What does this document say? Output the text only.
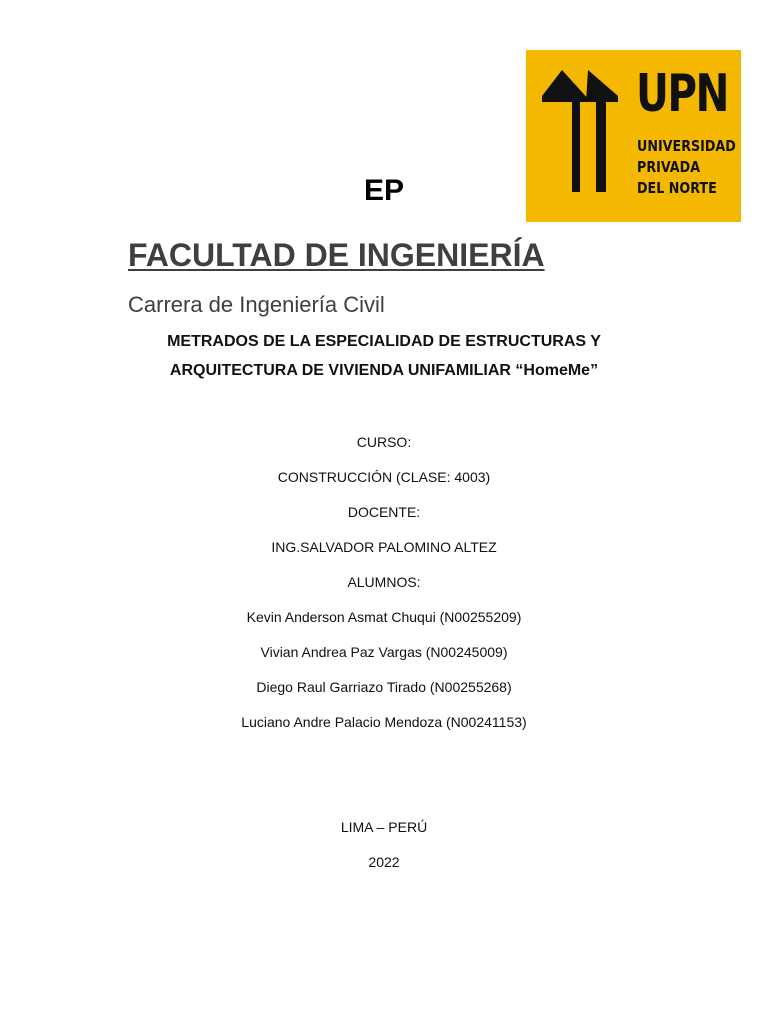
UPN
UNIVERSIDAD
PRIVADA
DEL NORTE
EP
FACULTAD DE INGENIERÍA
Carrera de Ingeniería Civil
METRADOS DE LA ESPECIALIDAD DE ESTRUCTURAS Y
ARQUITECTURA DE VIVIENDA UNIFAMILIAR “HomeMe”
CURSO:
CONSTRUCCIÓN (CLASE: 4003)
DOCENTE:
ING.SALVADOR PALOMINO ALTEZ
ALUMNOS:
Kevin Anderson Asmat Chuqui (N00255209)
Vivian Andrea Paz Vargas (N00245009)
Diego Raul Garriazo Tirado (N00255268)
Luciano Andre Palacio Mendoza (N00241153)
LIMA – PERÚ
2022
